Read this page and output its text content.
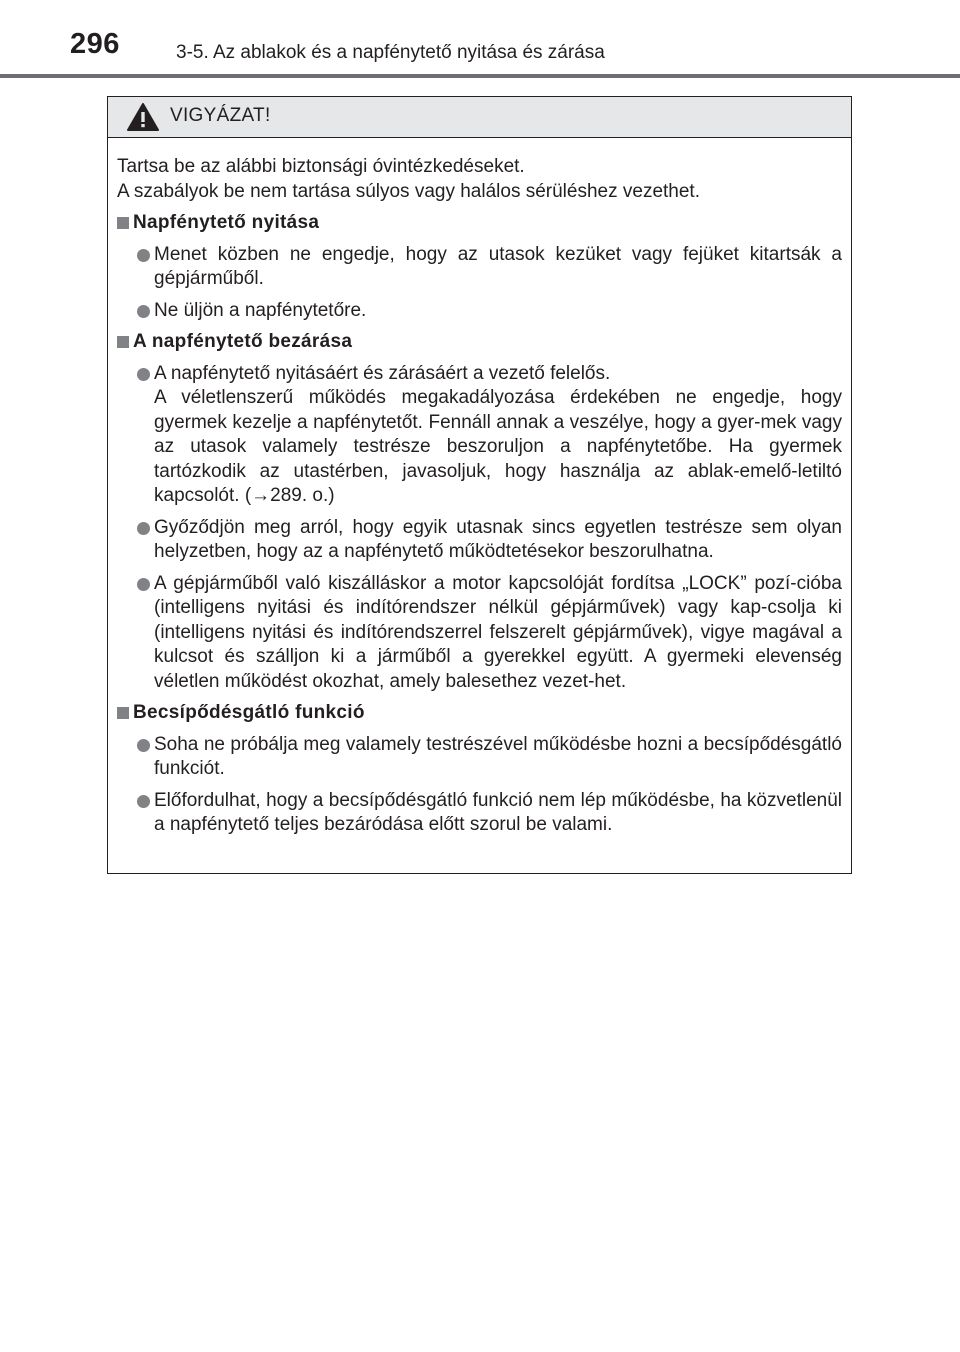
296	3-5. Az ablakok és a napfénytető nyitása és zárása
VIGYÁZAT!
Tartsa be az alábbi biztonsági óvintézkedéseket.
A szabályok be nem tartása súlyos vagy halálos sérüléshez vezethet.
Napfénytető nyitása
Menet közben ne engedje, hogy az utasok kezüket vagy fejüket kitartsák a gépjárműből.
Ne üljön a napfénytetőre.
A napfénytető bezárása
A napfénytető nyitásáért és zárásáért a vezető felelős.
A véletlenszerű működés megakadályozása érdekében ne engedje, hogy gyermek kezelje a napfénytetőt. Fennáll annak a veszélye, hogy a gyer-mek vagy az utasok valamely testrésze beszoruljon a napfénytetőbe. Ha gyermek tartózkodik az utastérben, javasoljuk, hogy használja az ablak-emelő-letiltó kapcsolót. (→289. o.)
Győződjön meg arról, hogy egyik utasnak sincs egyetlen testrésze sem olyan helyzetben, hogy az a napfénytető működtetésekor beszorulhatna.
A gépjárműből való kiszálláskor a motor kapcsolóját fordítsa „LOCK” pozí-cióba (intelligens nyitási és indítórendszer nélkül gépjárművek) vagy kap-csolja ki (intelligens nyitási és indítórendszerrel felszerelt gépjárművek), vigye magával a kulcsot és szálljon ki a járműből a gyerekkel együtt. A gyermeki elevenség véletlen működést okozhat, amely balesethez vezet-het.
Becsípődésgátló funkció
Soha ne próbálja meg valamely testrészével működésbe hozni a becsípődésgátló funkciót.
Előfordulhat, hogy a becsípődésgátló funkció nem lép működésbe, ha közvetlenül a napfénytető teljes bezáródása előtt szorul be valami.
